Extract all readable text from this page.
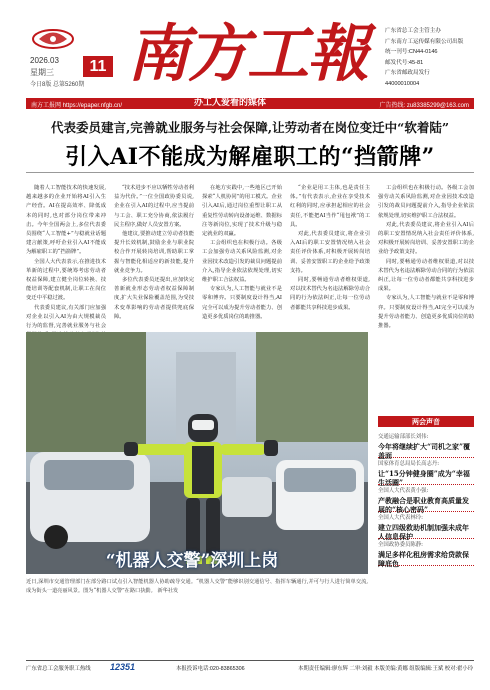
2026.03
星期三	11
今日8版 总第5260期 南方工報	广东省总工会主管主办
广东南方工运传媒有限公司出版
统一刊号:CN44-0146
邮发代号:45-81
广东省邮政局发行
44000010004
南方工报网 https://epaper.nfgb.cn/	办工人爱看的媒体	广告热线: zu83385299@163.com
代表委员建言,完善就业服务与社会保障,让劳动者在岗位变迁中“软着陆”
引入AI不能成为解雇职工的“挡箭牌”

随着人工智能技术的快速发展,越来越多的企业开始将AI引入生产经营。AI在提高效率、降低成本的同时,也对部分岗位带来冲击。今年全国两会上,多位代表委员围绕“人工智能+”与稳就业话题建言献策,呼吁企业引入AI不能成为解雇职工的“挡箭牌”。

全国人大代表表示,在推进技术革新的过程中,要统筹考虑劳动者权益保障,建立健全岗位转换、技能培训等配套机制,让职工在岗位变迁中平稳过渡。

代表委员建议,有关部门应加强对企业以引入AI为由大规模裁员行为的监督,完善就业服务与社会

“技术进步不应以牺牲劳动者利益为代价。”一位全国政协委员说,企业在引入AI的过程中,应当提前与工会、职工充分协商,依法履行民主程序,做好人员安置方案。

他建议,要推动建立劳动者技能提升长效机制,鼓励企业与职业院校合作开展转岗培训,帮助职工掌握与智能化相适应的新技能,提升就业竞争力。

多位代表委员还提出,应加快完善新就业形态劳动者权益保障制度,扩大失业保险覆盖范围,为受技术变革影响的劳动者提供兜底保障。

在地方实践中,一些地区已开始探索“人机协同”的用工模式。企业引入AI后,通过岗位重塑让职工从重复性劳动转向设备运维、数据标注等新岗位,实现了技术升级与稳定就业的双赢。

工会组织也在积极行动。各级工会加强劳动关系风险监测,对企业因技术改造引发的裁员问题提前介入,指导企业依法依规处理,切实维护职工合法权益。

专家认为,人工智能与就业不是零和博弈。只要制度设计得当,AI完全可以成为提升劳动者能力、创造更多优质岗位的助推器。

“企业是用工主体,也是责任主体。”有代表表示,企业在享受技术红利的同时,应承担起相应的社会责任,不能把AI当作“甩包袱”的工具。

对此,代表委员建议,将企业引入AI后的职工安置情况纳入社会责任评价体系,对积极开展转岗培训、妥善安置职工的企业给予政策支持。

同时,要畅通劳动者维权渠道,对以技术替代为名违法解除劳动合同的行为依法纠正,让每一位劳动者都能共享科技进步成果。

工会组织也在积极行动。各级工会加强劳动关系风险监测,对企业因技术改造引发的裁员问题提前介入,指导企业依法依规处理,切实维护职工合法权益。

对此,代表委员建议,将企业引入AI后的职工安置情况纳入社会责任评价体系,对积极开展转岗培训、妥善安置职工的企业给予政策支持。

同时,要畅通劳动者维权渠道,对以技术替代为名违法解除劳动合同的行为依法纠正,让每一位劳动者都能共享科技进步成果。

专家认为,人工智能与就业不是零和博弈。只要制度设计得当,AI完全可以成为提升劳动者能力、创造更多优质岗位的助推器。

“机器人交警”深圳上岗
近日,深圳市交通管理部门在部分路口试点引入智能机器人协助疏导交通。“机器人交警”能够识别交通信号、指挥车辆通行,并可与行人进行简单交流,成为街头一道亮丽风景。图为“机器人交警”在路口执勤。 新华社发
两会声音
交通运输部部长刘伟:
今年将继续扩大“司机之家”覆盖面
国家体育总局局长高志丹:
让“15分钟健身圈”成为“幸福生活圈”
全国人大代表黄小强:
产教融合是职业教育高质量发展的“核心密码”
全国人大代表林玲:
建立四级救助机制加强未成年人信息保护
全国政协委员陈静:
满足多样化租房需求给贷款保障底色
广东省总工会服务职工热线 12351	本报投诉电话:020-83865306	本期责任编辑:廖东辉 二审:刘毅 本版美编:黄娜 组版编辑:王斌 校对:翟小玲
